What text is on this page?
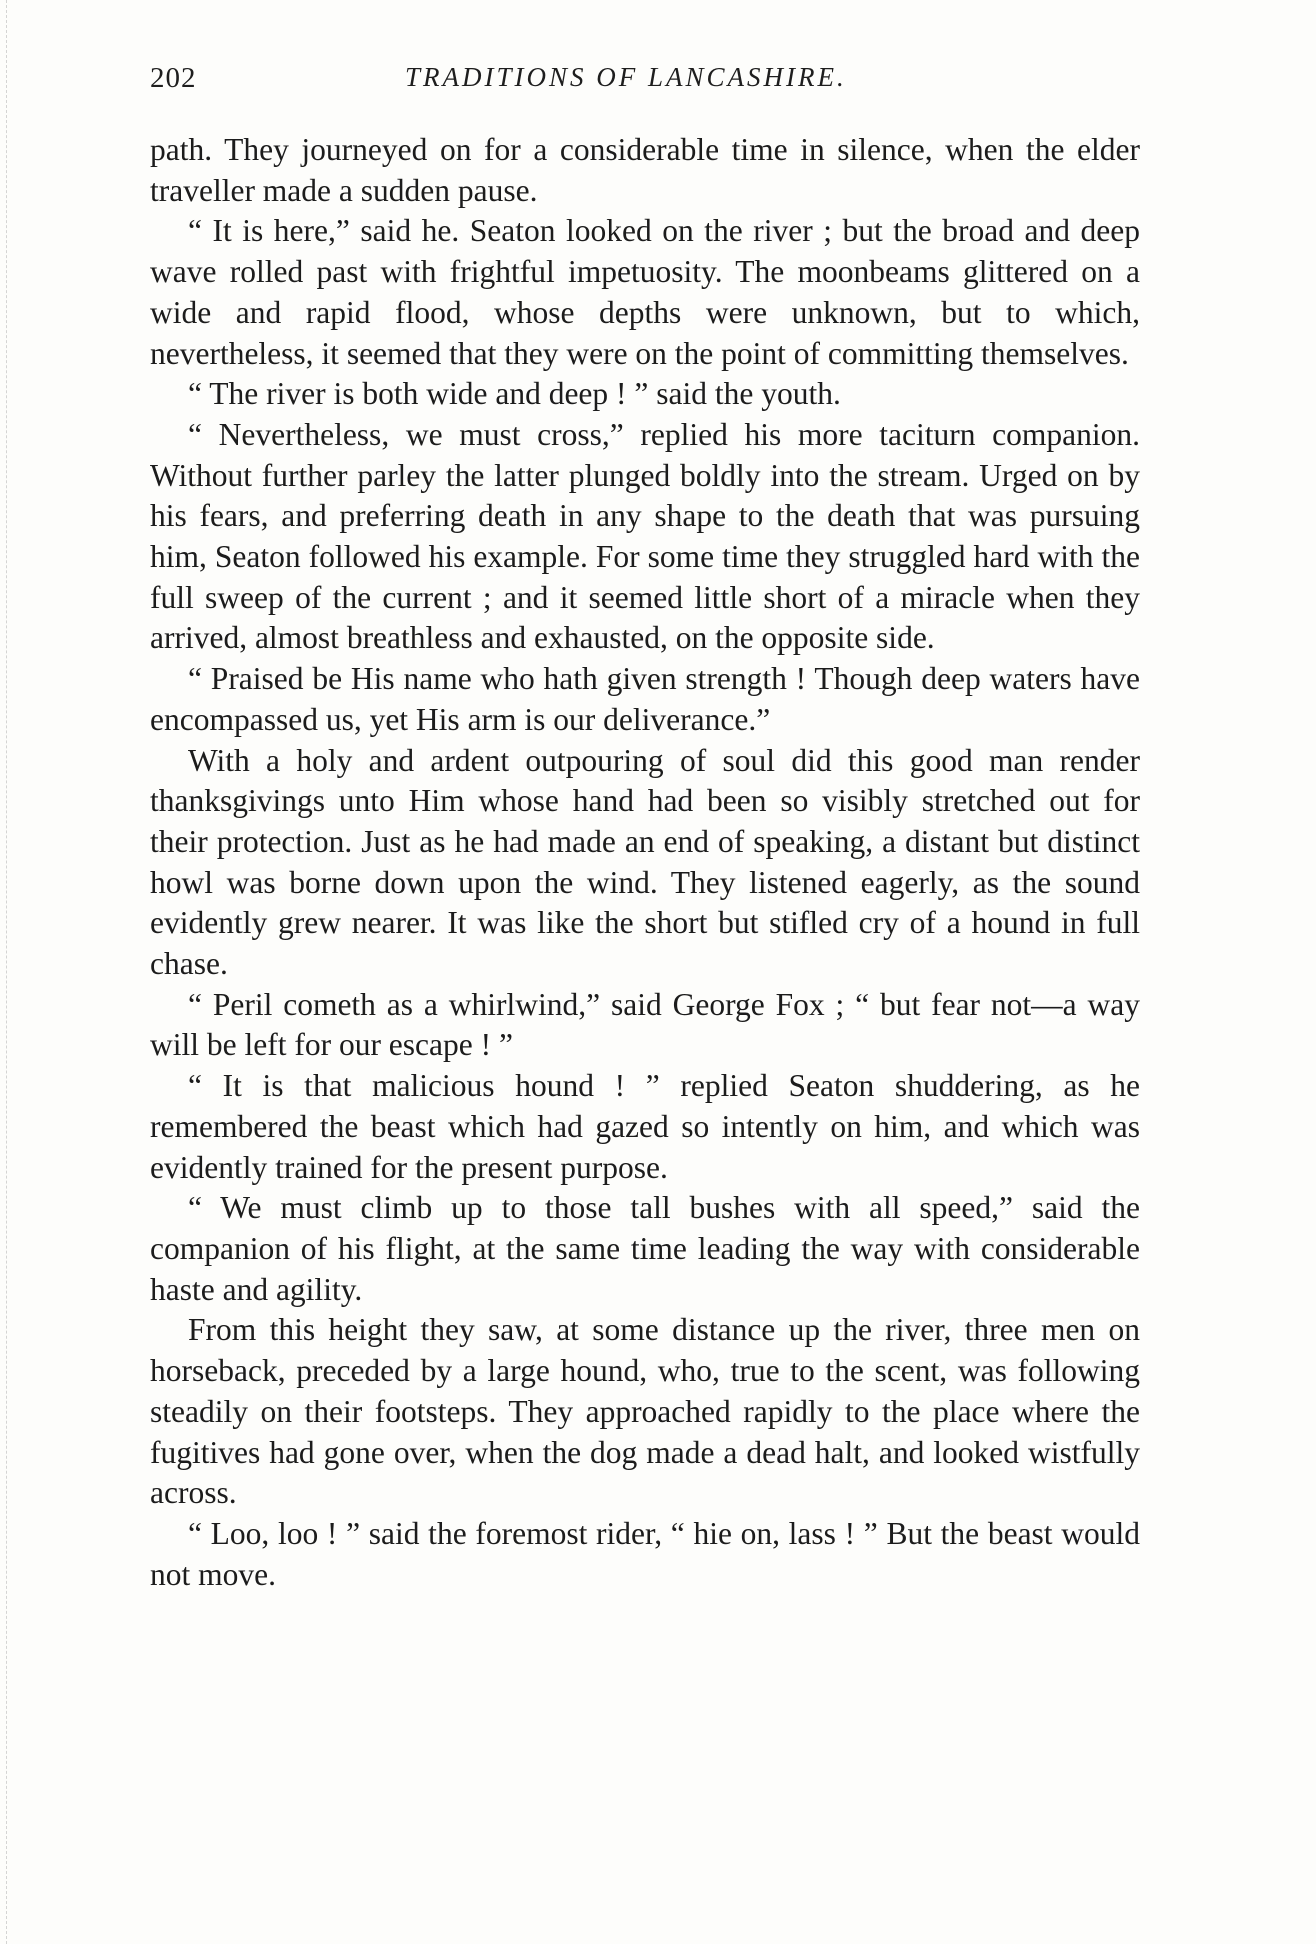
202	TRADITIONS OF LANCASHIRE.

path. They journeyed on for a considerable time in silence, when the elder traveller made a sudden pause.

“ It is here,” said he. Seaton looked on the river ; but the broad and deep wave rolled past with frightful impetuosity. The moonbeams glittered on a wide and rapid flood, whose depths were unknown, but to which, nevertheless, it seemed that they were on the point of committing themselves.

“ The river is both wide and deep ! ” said the youth.

“ Nevertheless, we must cross,” replied his more taciturn companion. Without further parley the latter plunged boldly into the stream. Urged on by his fears, and preferring death in any shape to the death that was pursuing him, Seaton followed his example. For some time they struggled hard with the full sweep of the current ; and it seemed little short of a miracle when they arrived, almost breathless and exhausted, on the opposite side.

“ Praised be His name who hath given strength ! Though deep waters have encompassed us, yet His arm is our deliverance.”

With a holy and ardent outpouring of soul did this good man render thanksgivings unto Him whose hand had been so visibly stretched out for their protection. Just as he had made an end of speaking, a distant but distinct howl was borne down upon the wind. They listened eagerly, as the sound evidently grew nearer. It was like the short but stifled cry of a hound in full chase.

“ Peril cometh as a whirlwind,” said George Fox ; “ but fear not—a way will be left for our escape ! ”

“ It is that malicious hound ! ” replied Seaton shuddering, as he remembered the beast which had gazed so intently on him, and which was evidently trained for the present purpose.

“ We must climb up to those tall bushes with all speed,” said the companion of his flight, at the same time leading the way with considerable haste and agility.

From this height they saw, at some distance up the river, three men on horseback, preceded by a large hound, who, true to the scent, was following steadily on their footsteps. They approached rapidly to the place where the fugitives had gone over, when the dog made a dead halt, and looked wistfully across.

“ Loo, loo ! ” said the foremost rider, “ hie on, lass ! ” But the beast would not move.
